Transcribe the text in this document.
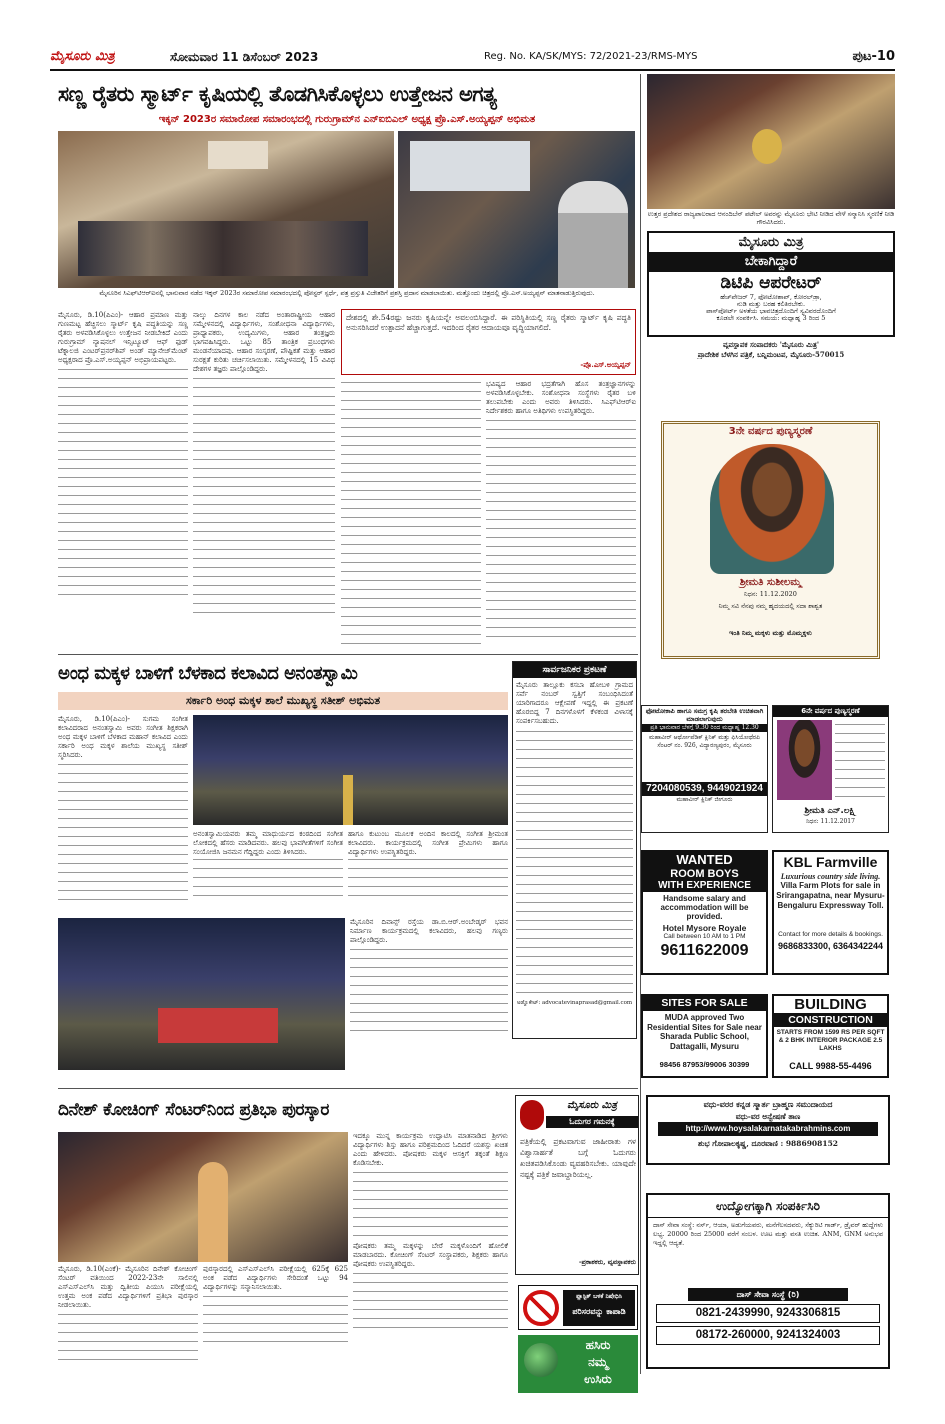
ಮೈಸೂರು ಮಿತ್ರ	ಸೋಮವಾರ 11 ಡಿಸೆಂಬರ್ 2023	Reg. No. KA/SK/MYS: 72/2021-23/RMS-MYS	ಪುಟ-10
ಸಣ್ಣ ರೈತರು ಸ್ಮಾರ್ಟ್ ಕೃಷಿಯಲ್ಲಿ ತೊಡಗಿಸಿಕೊಳ್ಳಲು ಉತ್ತೇಜನ ಅಗತ್ಯ
ಇಕ್ಕನ್ 2023ರ ಸಮಾರೋಪ ಸಮಾರಂಭದಲ್ಲಿ ಗುರುಗ್ರಾಮ್‌ನ ಎನ್‌ಐಬಿಎಲ್ ಅಧ್ಯಕ್ಷ ಪ್ರೊ.ಎಸ್.ಅಯ್ಯಪ್ಪನ್ ಅಭಿಮತ
ಮೈಸೂರಿನ ಸಿಎಫ್‌ಟಿಆರ್‌ಐನಲ್ಲಿ ಭಾನುವಾರ ನಡೆದ ಇಕ್ಕನ್ 2023ರ ಸಮಾರೋಪ ಸಮಾರಂಭದಲ್ಲಿ ಪೋಸ್ಟರ್ ಸ್ಪರ್ಧೆ, ಪತ್ರ ಪ್ರಸ್ತುತಿ ವಿಜೇತರಿಗೆ ಪ್ರಶಸ್ತಿ ಪ್ರದಾನ ಮಾಡಲಾಯಿತು. ಮತ್ತೊಂದು ಚಿತ್ರದಲ್ಲಿ ಪ್ರೊ.ಎಸ್.ಅಯ್ಯಪ್ಪನ್ ಮಾತನಾಡುತ್ತಿರುವುದು.
ಮೈಸೂರು, ಡಿ.10(ಪಿಎಂ)- ಆಹಾರ ಪ್ರಮಾಣ ಮತ್ತು ಗುಣಮಟ್ಟ ಹೆಚ್ಚಿಸಲು ಸ್ಮಾರ್ಟ್ ಕೃಷಿ ಪದ್ಧತಿಯನ್ನು ಸಣ್ಣ ರೈತರು ಅಳವಡಿಸಿಕೊಳ್ಳಲು ಉತ್ತೇಜನ ನೀಡಬೇಕಿದೆ ಎಂದು ಗುರುಗ್ರಾಮ್ ನ್ಯಾಷನಲ್ ಇನ್ಸಿಟ್ಯೂಟ್ ಆಫ್ ಫುಡ್ ಟೆಕ್ನಾಲಜಿ ಎಂಟರ್‌ಪ್ರನರ್‌ಶಿಪ್ ಅಂಡ್ ಮ್ಯಾನೇಜ್‌ಮೆಂಟ್ ಅಧ್ಯಕ್ಷರಾದ ಪ್ರೊ.ಎಸ್.ಅಯ್ಯಪ್ಪನ್ ಅಭಿಪ್ರಾಯಪಟ್ಟರು.
ನಾಲ್ಕು ದಿನಗಳ ಕಾಲ ನಡೆದ ಅಂತಾರಾಷ್ಟ್ರೀಯ ಆಹಾರ ಸಮ್ಮೇಳನದಲ್ಲಿ ವಿದ್ಯಾರ್ಥಿಗಳು, ಸಂಶೋಧನಾ ವಿದ್ಯಾರ್ಥಿಗಳು, ಪ್ರಾಧ್ಯಾಪಕರು, ಉದ್ಯಮಿಗಳು, ಆಹಾರ ತಂತ್ರಜ್ಞರು ಭಾಗವಹಿಸಿದ್ದರು. ಒಟ್ಟು 85 ತಾಂತ್ರಿಕ ಪ್ರಬಂಧಗಳು ಮಂಡನೆಯಾದವು. ಆಹಾರ ಸಂಸ್ಕರಣೆ, ಪೌಷ್ಟಿಕತೆ ಮತ್ತು ಆಹಾರ ಸುರಕ್ಷತೆ ಕುರಿತು ಚರ್ಚಿಸಲಾಯಿತು. ಸಮ್ಮೇಳನದಲ್ಲಿ 15 ವಿವಿಧ ದೇಶಗಳ ತಜ್ಞರು ಪಾಲ್ಗೊಂಡಿದ್ದರು.
ದೇಶದಲ್ಲಿ ಶೇ.54ರಷ್ಟು ಜನರು ಕೃಷಿಯನ್ನೇ ಅವಲಂಬಿಸಿದ್ದಾರೆ. ಈ ಪರಿಸ್ಥಿತಿಯಲ್ಲಿ ಸಣ್ಣ ರೈತರು ಸ್ಮಾರ್ಟ್ ಕೃಷಿ ಪದ್ಧತಿ ಅನುಸರಿಸಿದರೆ ಉತ್ಪಾದನೆ ಹೆಚ್ಚಾಗುತ್ತದೆ. ಇದರಿಂದ ರೈತರ ಆದಾಯವೂ ವೃದ್ಧಿಯಾಗಲಿದೆ.
-ಪ್ರೊ.ಎಸ್.ಅಯ್ಯಪ್ಪನ್
ಭವಿಷ್ಯದ ಆಹಾರ ಭದ್ರತೆಗಾಗಿ ಹೊಸ ತಂತ್ರಜ್ಞಾನಗಳನ್ನು ಅಳವಡಿಸಿಕೊಳ್ಳಬೇಕು. ಸಂಶೋಧನಾ ಸಂಸ್ಥೆಗಳು ರೈತರ ಬಳಿ ತಲುಪಬೇಕು ಎಂದು ಅವರು ತಿಳಿಸಿದರು. ಸಿಎಫ್‌ಟಿಆರ್‌ಐ ನಿರ್ದೇಶಕರು ಹಾಗೂ ಅತಿಥಿಗಳು ಉಪಸ್ಥಿತರಿದ್ದರು.
ಉತ್ತರ ಪ್ರದೇಶದ ರಾಜ್ಯಪಾಲರಾದ ಆನಂದಿಬೆನ್ ಪಟೇಲ್ ಅವರನ್ನು ಮೈಸೂರು ಭೇಟಿ ನೀಡಿದ ವೇಳೆ ಸನ್ಮಾನಿಸಿ ಸ್ಮರಣಿಕೆ ನೀಡಿ ಗೌರವಿಸಿದರು.
ಮೈಸೂರು ಮಿತ್ರ
ಬೇಕಾಗಿದ್ದಾರೆ
ಡಿಟಿಪಿ ಆಪರೇಟರ್
ಹೆಚ್‌ಪೇಜರ್ 7, ಫೋಟೋಶಾಪ್, ಕೋರಲ್‌ಡ್ರಾ,
ನುಡಿ ಮತ್ತು ಬರಹ ಕಲಿತಿರಬೇಕು.
ಪಾಸ್‌ಪೋರ್ಟ್ ಅಳತೆಯ ಭಾವಚಿತ್ರದೊಂದಿಗೆ ಸ್ವವಿವರದೊಂದಿಗೆ
ಕೂಡಲೇ ಸಂಪರ್ಕಿಸಿ. ಸಮಯ: ಮಧ್ಯಾಹ್ನ 3 ರಿಂದ 5
ವ್ಯವಸ್ಥಾಪಕ ಸಂಪಾದಕರು 'ಮೈಸೂರು ಮಿತ್ರ'
ಪ್ರಾದೇಶಿಕ ಬೆಳಗಿನ ಪತ್ರಿಕೆ, ಬನ್ನಿಮಂಟಪ, ಮೈಸೂರು-570015
3ನೇ ವರ್ಷದ ಪುಣ್ಯಸ್ಮರಣೆ
ಶ್ರೀಮತಿ ಸುಶೀಲಮ್ಮ
ನಿಧನ: 11.12.2020
ನಿಮ್ಮ ಸವಿ ನೆನಪು ನಮ್ಮ ಹೃದಯದಲ್ಲಿ ಸದಾ ಶಾಶ್ವತ
ಇಂತಿ ನಿಮ್ಮ ಮಕ್ಕಳು ಮತ್ತು ಮೊಮ್ಮಕ್ಕಳು
ಅಂಧ ಮಕ್ಕಳ ಬಾಳಿಗೆ ಬೆಳಕಾದ ಕಲಾವಿದ ಅನಂತಸ್ವಾಮಿ
ಸರ್ಕಾರಿ ಅಂಧ ಮಕ್ಕಳ ಶಾಲೆ ಮುಖ್ಯಸ್ಥ ಸತೀಶ್ ಅಭಿಮತ
ಮೈಸೂರು, ಡಿ.10(ಪಿಎಂ)- ಸುಗಮ ಸಂಗೀತ ಕಲಾವಿದರಾದ ಅನಂತಸ್ವಾಮಿ ಅವರು ಸಂಗೀತ ಶಿಕ್ಷಕರಾಗಿ ಅಂಧ ಮಕ್ಕಳ ಬಾಳಿಗೆ ಬೆಳಕಾದ ಮಹಾನ್ ಕಲಾವಿದ ಎಂದು ಸರ್ಕಾರಿ ಅಂಧ ಮಕ್ಕಳ ಶಾಲೆಯ ಮುಖ್ಯಸ್ಥ ಸತೀಶ್ ಸ್ಮರಿಸಿದರು.
ಅನಂತಸ್ವಾಮಿಯವರು ತಮ್ಮ ಮಾಧುರ್ಯದ ಕಂಠದಿಂದ ಸಂಗೀತ ಲೋಕದಲ್ಲಿ ಹೆಸರು ಮಾಡಿದವರು. ಹಲವು ಭಾವಗೀತೆಗಳಿಗೆ ಸಂಗೀತ ಸಂಯೋಜಿಸಿ ಜನಮನ ಗೆದ್ದಿದ್ದರು ಎಂದು ತಿಳಿಸಿದರು.
ಹಾಗೂ ಕುಟುಂಬ ಮೂಲಕ ಅಂದಿನ ಕಾಲದಲ್ಲಿ ಸಂಗೀತ ಶ್ರೀಮಂತ ಕಲಾವಿದರು. ಕಾರ್ಯಕ್ರಮದಲ್ಲಿ ಸಂಗೀತ ಪ್ರೇಮಿಗಳು ಹಾಗೂ ವಿದ್ಯಾರ್ಥಿಗಳು ಉಪಸ್ಥಿತರಿದ್ದರು.
ಮೈಸೂರಿನ ದಿವಾನ್ಸ್ ರಸ್ತೆಯ ಡಾ.ಬಿ.ಆರ್.ಅಂಬೇಡ್ಕರ್ ಭವನ ನಿರ್ಮಾಣ ಕಾರ್ಯಕ್ರಮದಲ್ಲಿ ಕಲಾವಿದರು, ಹಲವು ಗಣ್ಯರು ಪಾಲ್ಗೊಂಡಿದ್ದರು.
ಸಾರ್ವಜನಿಕರ ಪ್ರಕಟಣೆ
ಮೈಸೂರು ತಾಲ್ಲೂಕು ಕಸಬಾ ಹೋಬಳಿ ಗ್ರಾಮದ ಸರ್ವೆ ನಂಬರ್ ಸ್ವತ್ತಿಗೆ ಸಂಬಂಧಿಸಿದಂತೆ ಯಾರಿಗಾದರೂ ಆಕ್ಷೇಪಣೆ ಇದ್ದಲ್ಲಿ ಈ ಪ್ರಕಟಣೆ ಹೊರಬಿದ್ದ 7 ದಿನಗಳೊಳಗೆ ಕೆಳಕಂಡ ವಿಳಾಸಕ್ಕೆ ಸಂಪರ್ಕಿಸಬಹುದು.
ಅಡ್ವೊಕೇಟ್: advocatevinaprasad@gmail.com
ಫೋಟೋಕಾಪಿ ಹಾಗೂ ಸಮಗ್ರ ಕೃಷಿ ತರಬೇತಿ ಉಚಿತವಾಗಿ ಮಾಡಲಾಗುವುದು
ಪ್ರತಿ ಭಾನುವಾರ ಬೆಳಗ್ಗೆ 9.30 ರಿಂದ ಮಧ್ಯಾಹ್ನ 12.30
ಮಹಾವೀರ್ ಆರ್ಥೋಪೆಡಿಕ್ ಕ್ಲಿನಿಕ್ ಮತ್ತು ಫಿಸಿಯೋಥೆರಪಿ ಸೆಂಟರ್ ನಂ. 926, ವಿದ್ಯಾರಣ್ಯಪುರಂ, ಮೈಸೂರು
7204080539, 9449021924
ಮಹಾವೀರ್ ಕ್ಲಿನಿಕ್ ಜೀಗೂರು
6ನೇ ವರ್ಷದ ಪುಣ್ಯಸ್ಮರಣೆ
ಶ್ರೀಮತಿ ಎನ್.ಲಕ್ಷ್ಮಿ
ನಿಧನ: 11.12.2017
WANTED
ROOM BOYS
WITH EXPERIENCE
Handsome salary and accommodation will be provided.
Hotel Mysore Royale
Call between 10 AM to 1 PM
9611622009
KBL Farmville
Luxurious country side living.
Villa Farm Plots for sale in Srirangapatna, near Mysuru-Bengaluru Expressway Toll.
Contact for more details & bookings.
9686833300, 6364342244
SITES FOR SALE
MUDA approved Two Residential Sites for Sale near Sharada Public School, Dattagalli, Mysuru
98456 87953/99006 30399
BUILDING
CONSTRUCTION
STARTS FROM 1599 RS PER SQFT & 2 BHK INTERIOR PACKAGE 2.5 LAKHS
CALL 9988-55-4496
ದಿನೇಶ್ ಕೋಚಿಂಗ್ ಸೆಂಟರ್‌ನಿಂದ ಪ್ರತಿಭಾ ಪುರಸ್ಕಾರ
ಮೈಸೂರು, ಡಿ.10(ಎಂಕೆ)- ಮೈಸೂರಿನ ದಿನೇಶ್ ಕೋಚಿಂಗ್ ಸೆಂಟರ್ ವತಿಯಿಂದ 2022-23ನೇ ಸಾಲಿನಲ್ಲಿ ಎಸ್‌ಎಸ್‌ಎಲ್‌ಸಿ ಮತ್ತು ದ್ವಿತೀಯ ಪಿಯುಸಿ ಪರೀಕ್ಷೆಯಲ್ಲಿ ಉತ್ತಮ ಅಂಕ ಪಡೆದ ವಿದ್ಯಾರ್ಥಿಗಳಿಗೆ ಪ್ರತಿಭಾ ಪುರಸ್ಕಾರ ನೀಡಲಾಯಿತು.
ಪುರಸ್ಕಾರದಲ್ಲಿ ಎಸ್‌ಎಸ್‌ಎಲ್‌ಸಿ ಪರೀಕ್ಷೆಯಲ್ಲಿ 625ಕ್ಕೆ 625 ಅಂಕ ಪಡೆದ ವಿದ್ಯಾರ್ಥಿಗಳು ಸೇರಿದಂತೆ ಒಟ್ಟು 94 ವಿದ್ಯಾರ್ಥಿಗಳನ್ನು ಸನ್ಮಾನಿಸಲಾಯಿತು.
ಇದಕ್ಕೂ ಮುನ್ನ ಕಾರ್ಯಕ್ರಮ ಉದ್ಘಾಟಿಸಿ ಮಾತನಾಡಿದ ಶ್ರೀಗಳು ವಿದ್ಯಾರ್ಥಿಗಳು ಶಿಸ್ತು ಹಾಗೂ ಪರಿಶ್ರಮದಿಂದ ಓದಿದರೆ ಯಶಸ್ಸು ಖಚಿತ ಎಂದು ಹೇಳಿದರು. ಪೋಷಕರು ಮಕ್ಕಳ ಆಸಕ್ತಿಗೆ ತಕ್ಕಂತೆ ಶಿಕ್ಷಣ ಕೊಡಿಸಬೇಕು.
ಪೋಷಕರು ತಮ್ಮ ಮಕ್ಕಳನ್ನು ಬೇರೆ ಮಕ್ಕಳೊಂದಿಗೆ ಹೋಲಿಕೆ ಮಾಡಬಾರದು. ಕೋಚಿಂಗ್ ಸೆಂಟರ್ ಸಂಸ್ಥಾಪಕರು, ಶಿಕ್ಷಕರು ಹಾಗೂ ಪೋಷಕರು ಉಪಸ್ಥಿತರಿದ್ದರು.
ಮೈಸೂರು ಮಿತ್ರ
ಓದುಗರ ಗಮನಕ್ಕೆ
ಪತ್ರಿಕೆಯಲ್ಲಿ ಪ್ರಕಟವಾಗುವ ಜಾಹೀರಾತು ಗಳ ವಿಶ್ವಾಸಾರ್ಹತೆ ಬಗ್ಗೆ ಓದುಗರು ಖಚಿತಪಡಿಸಿಕೊಂಡು ವ್ಯವಹರಿಸಬೇಕು. ಯಾವುದೇ ನಷ್ಟಕ್ಕೆ ಪತ್ರಿಕೆ ಜವಾಬ್ದಾರಿಯಲ್ಲ.
-ಪ್ರಕಾಶಕರು, ವ್ಯವಸ್ಥಾಪಕರು
ಪ್ಲಾಸ್ಟಿಕ್ ಬಳಕೆ ನಿಷೇಧಿಸಿ
ಪರಿಸರವನ್ನು ಕಾಪಾಡಿ
ಹಸಿರು
ನಮ್ಮ
ಉಸಿರು
ವಧು-ವರರ ಕನ್ನಡ ಸ್ಮಾರ್ತ ಬ್ರಾಹ್ಮಣ ಸಮುದಾಯದ
ವಧು-ವರ ಅನ್ವೇಷಣೆ ತಾಣ
http://www.hoysalakarnatakabrahmins.com
ಶುಭ ಗೋಪಾಲಕೃಷ್ಣ, ದೂರವಾಣಿ : 9886908152
ಉದ್ಯೋಗಕ್ಕಾಗಿ ಸಂಪರ್ಕಿಸಿರಿ
ದಾಸ್ ಸೇವಾ ಸಂಸ್ಥೆ: ನರ್ಸ್, ಆಯಾ, ಅಡುಗೆಯವರು, ಮನೆಗೆಲಸದವರು, ಸೆಕ್ಯುರಿಟಿ ಗಾರ್ಡ್, ಡ್ರೈವರ್ ಹುದ್ದೆಗಳು ಲಭ್ಯ. 20000 ರಿಂದ 25000 ವರೆಗೆ ಸಂಬಳ. ಊಟ ಮತ್ತು ವಸತಿ ಉಚಿತ. ANM, GNM ಅನುಭವ ಇದ್ದಲ್ಲಿ ಆದ್ಯತೆ.
ದಾಸ್ ಸೇವಾ ಸಂಸ್ಥೆ (ರಿ)
0821-2439990, 9243306815
08172-260000, 9241324003
